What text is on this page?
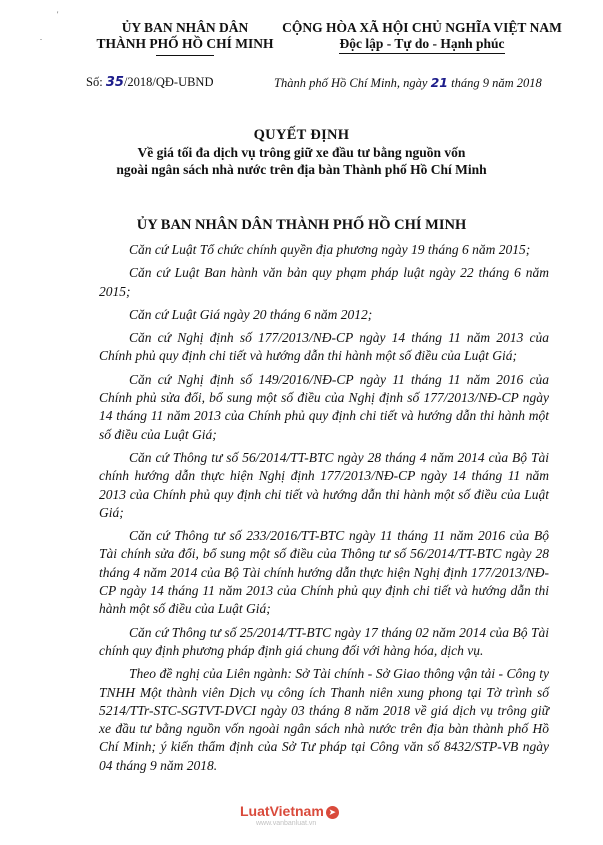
'
.
ỦY BAN NHÂN DÂN
THÀNH PHỐ HỒ CHÍ MINH
CỘNG HÒA XÃ HỘI CHỦ NGHĨA VIỆT NAM
Độc lập - Tự do - Hạnh phúc
Số: 35/2018/QĐ-UBND	Thành phố Hồ Chí Minh, ngày 21 tháng 9 năm 2018
QUYẾT ĐỊNH
Về giá tối đa dịch vụ trông giữ xe đầu tư bằng nguồn vốn
ngoài ngân sách nhà nước trên địa bàn Thành phố Hồ Chí Minh
ỦY BAN NHÂN DÂN THÀNH PHỐ HỒ CHÍ MINH

Căn cứ Luật Tổ chức chính quyền địa phương ngày 19 tháng 6 năm 2015;

Căn cứ Luật Ban hành văn bản quy phạm pháp luật ngày 22 tháng 6 năm 2015;

Căn cứ Luật Giá ngày 20 tháng 6 năm 2012;

Căn cứ Nghị định số 177/2013/NĐ-CP ngày 14 tháng 11 năm 2013 của Chính phủ quy định chi tiết và hướng dẫn thi hành một số điều của Luật Giá;

Căn cứ Nghị định số 149/2016/NĐ-CP ngày 11 tháng 11 năm 2016 của Chính phủ sửa đổi, bổ sung một số điều của Nghị định số 177/2013/NĐ-CP ngày 14 tháng 11 năm 2013 của Chính phủ quy định chi tiết và hướng dẫn thi hành một số điều của Luật Giá;

Căn cứ Thông tư số 56/2014/TT-BTC ngày 28 tháng 4 năm 2014 của Bộ Tài chính hướng dẫn thực hiện Nghị định 177/2013/NĐ-CP ngày 14 tháng 11 năm 2013 của Chính phủ quy định chi tiết và hướng dẫn thi hành một số điều của Luật Giá;

Căn cứ Thông tư số 233/2016/TT-BTC ngày 11 tháng 11 năm 2016 của Bộ Tài chính sửa đổi, bổ sung một số điều của Thông tư số 56/2014/TT-BTC ngày 28 tháng 4 năm 2014 của Bộ Tài chính hướng dẫn thực hiện Nghị định 177/2013/NĐ-CP ngày 14 tháng 11 năm 2013 của Chính phủ quy định chi tiết và hướng dẫn thi hành một số điều của Luật Giá;

Căn cứ Thông tư số 25/2014/TT-BTC ngày 17 tháng 02 năm 2014 của Bộ Tài chính quy định phương pháp định giá chung đối với hàng hóa, dịch vụ.

Theo đề nghị của Liên ngành: Sở Tài chính - Sở Giao thông vận tải - Công ty TNHH Một thành viên Dịch vụ công ích Thanh niên xung phong tại Tờ trình số 5214/TTr-STC-SGTVT-DVCI ngày 03 tháng 8 năm 2018 về giá dịch vụ trông giữ xe đầu tư bằng nguồn vốn ngoài ngân sách nhà nước trên địa bàn thành phố Hồ Chí Minh; ý kiến thẩm định của Sở Tư pháp tại Công văn số 8432/STP-VB ngày 04 tháng 9 năm 2018.

LuatVietnam ➤
www.vanbanluat.vn
